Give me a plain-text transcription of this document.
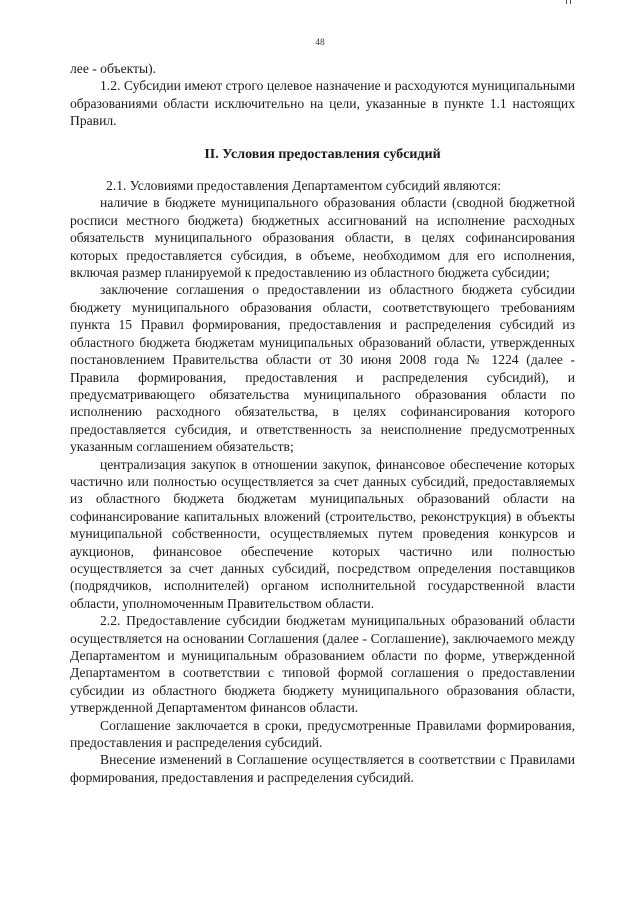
48

лее - объекты).

1.2. Субсидии имеют строго целевое назначение и расходуются муниципальными образованиями области исключительно на цели, указанные в пункте 1.1 настоящих Правил.

II. Условия предоставления субсидий

2.1. Условиями предоставления Департаментом субсидий являются:

наличие в бюджете муниципального образования области (сводной бюджетной росписи местного бюджета) бюджетных ассигнований на исполнение расходных обязательств муниципального образования области, в целях софинансирования которых предоставляется субсидия, в объеме, необходимом для его исполнения, включая размер планируемой к предоставлению из областного бюджета субсидии;

заключение соглашения о предоставлении из областного бюджета субсидии бюджету муниципального образования области, соответствующего требованиям пункта 15 Правил формирования, предоставления и распределения субсидий из областного бюджета бюджетам муниципальных образований области, утвержденных постановлением Правительства области от 30 июня 2008 года № 1224 (далее - Правила формирования, предоставления и распределения субсидий), и предусматривающего обязательства муниципального образования области по исполнению расходного обязательства, в целях софинансирования которого предоставляется субсидия, и ответственность за неисполнение предусмотренных указанным соглашением обязательств;

централизация закупок в отношении закупок, финансовое обеспечение которых частично или полностью осуществляется за счет данных субсидий, предоставляемых из областного бюджета бюджетам муниципальных образований области на софинансирование капитальных вложений (строительство, реконструкция) в объекты муниципальной собственности, осуществляемых путем проведения конкурсов и аукционов, финансовое обеспечение которых частично или полностью осуществляется за счет данных субсидий, посредством определения поставщиков (подрядчиков, исполнителей) органом исполнительной государственной власти области, уполномоченным Правительством области.

2.2. Предоставление субсидии бюджетам муниципальных образований области осуществляется на основании Соглашения (далее - Соглашение), заключаемого между Департаментом и муниципальным образованием области по форме, утвержденной Департаментом в соответствии с типовой формой соглашения о предоставлении субсидии из областного бюджета бюджету муниципального образования области, утвержденной Департаментом финансов области.

Соглашение заключается в сроки, предусмотренные Правилами формирования, предоставления и распределения субсидий.

Внесение изменений в Соглашение осуществляется в соответствии с Правилами формирования, предоставления и распределения субсидий.
